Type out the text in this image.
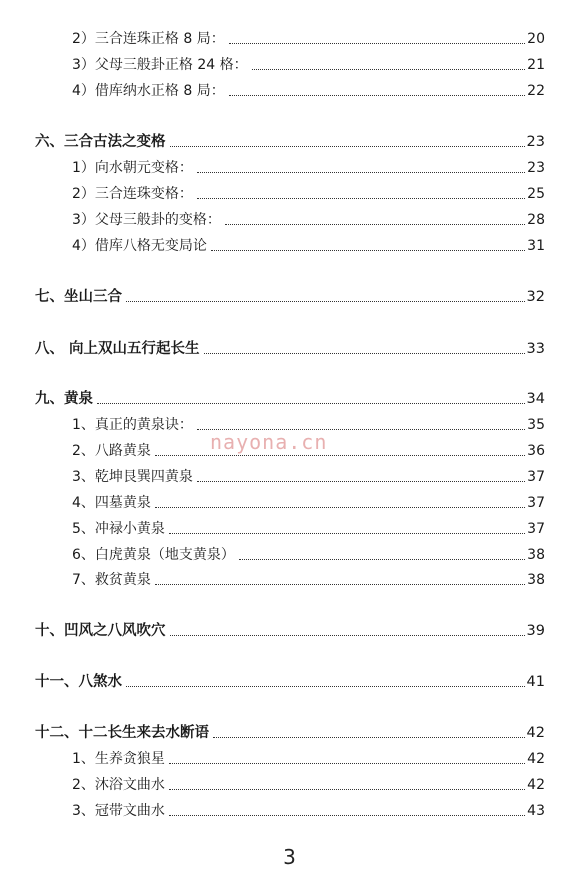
2）三合连珠正格 8 局：	20
3）父母三般卦正格 24 格：	21
4）借库纳水正格 8 局：	22
六、三合古法之变格	23
1）向水朝元变格：	23
2）三合连珠变格：	25
3）父母三般卦的变格：	28
4）借库八格无变局论	31
七、坐山三合	32
八、 向上双山五行起长生	33
九、黄泉	34
1、真正的黄泉诀：	35
2、八路黄泉	36
3、乾坤艮巽四黄泉	37
4、四墓黄泉	37
5、冲禄小黄泉	37
6、白虎黄泉（地支黄泉）	38
7、救贫黄泉	38
十、凹风之八风吹穴	39
十一、八煞水	41
十二、十二长生来去水断语	42
1、生养贪狼星	42
2、沐浴文曲水	42
3、冠带文曲水	43
nayona.cn
3
